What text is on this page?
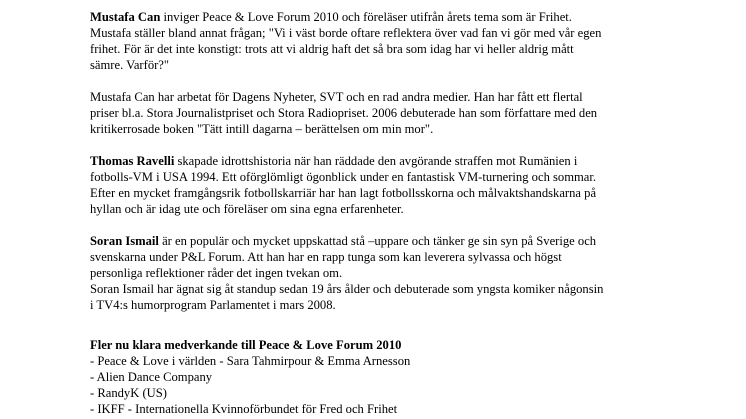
Mustafa Can inviger Peace & Love Forum 2010 och föreläser utifrån årets tema som är Frihet.
Mustafa ställer bland annat frågan; "Vi i väst borde oftare reflektera över vad fan vi gör med vår egen
frihet. För är det inte konstigt: trots att vi aldrig haft det så bra som idag har vi heller aldrig mått
sämre. Varför?"

Mustafa Can har arbetat för Dagens Nyheter, SVT och en rad andra medier. Han har fått ett flertal
priser bl.a. Stora Journalistpriset och Stora Radiopriset. 2006 debuterade han som författare med den
kritikerrosade boken "Tätt intill dagarna – berättelsen om min mor".

Thomas Ravelli skapade idrottshistoria när han räddade den avgörande straffen mot Rumänien i
fotbolls-VM i USA 1994. Ett oförglömligt ögonblick under en fantastisk VM-turnering och sommar.
Efter en mycket framgångsrik fotbollskarriär har han lagt fotbollsskorna och målvaktshandskarna på
hyllan och är idag ute och föreläser om sina egna erfarenheter.

Soran Ismail är en populär och mycket uppskattad stå –uppare och tänker ge sin syn på Sverige och
svenskarna under P&L Forum. Att han har en rapp tunga som kan leverera sylvassa och högst
personliga reflektioner råder det ingen tvekan om.
Soran Ismail har ägnat sig åt standup sedan 19 års ålder och debuterade som yngsta komiker någonsin
i TV4:s humorprogram Parlamentet i mars 2008.

Fler nu klara medverkande till Peace & Love Forum 2010
- Peace & Love i världen - Sara Tahmirpour & Emma Arnesson
- Alien Dance Company
- RandyK (US)
- IKFF - Internationella Kvinnoförbundet för Fred och Frihet
